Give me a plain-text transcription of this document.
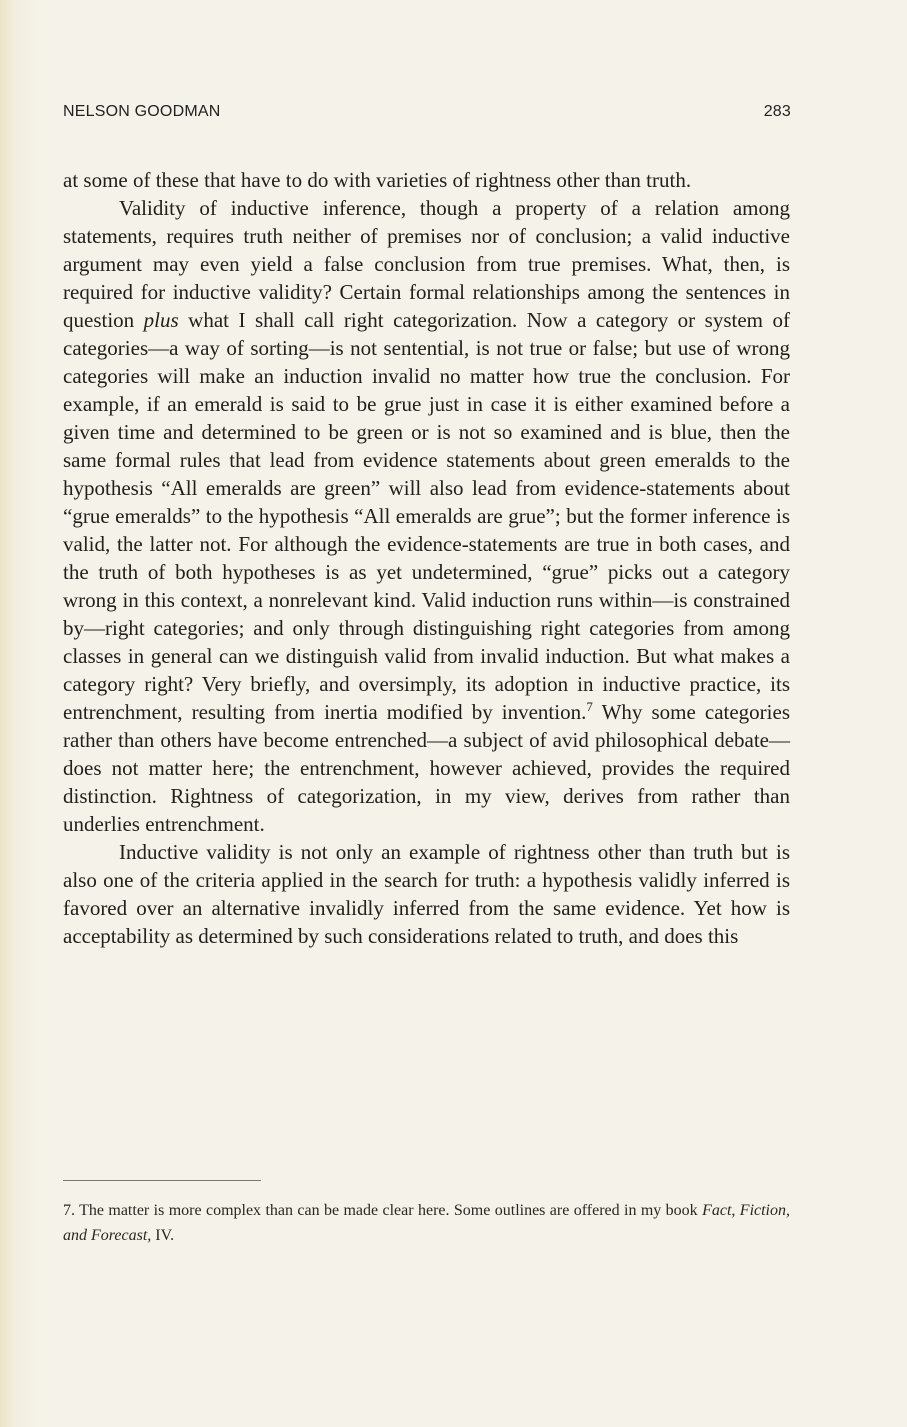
NELSON GOODMAN	283

at some of these that have to do with varieties of rightness other than truth.

Validity of inductive inference, though a property of a relation among statements, requires truth neither of premises nor of conclusion; a valid inductive argument may even yield a false conclusion from true premises. What, then, is required for inductive validity? Certain formal relationships among the sentences in question plus what I shall call right categorization. Now a category or system of categories—a way of sorting—is not sentential, is not true or false; but use of wrong categories will make an induction invalid no matter how true the conclusion. For example, if an emerald is said to be grue just in case it is either examined before a given time and determined to be green or is not so examined and is blue, then the same formal rules that lead from evidence statements about green emeralds to the hypothesis “All emeralds are green” will also lead from evidence-statements about “grue emeralds” to the hypothesis “All emeralds are grue”; but the former inference is valid, the latter not. For although the evidence-statements are true in both cases, and the truth of both hypotheses is as yet undetermined, “grue” picks out a category wrong in this context, a nonrelevant kind. Valid induction runs within—is constrained by—right categories; and only through distinguishing right categories from among classes in general can we distinguish valid from invalid induction. But what makes a category right? Very briefly, and oversimply, its adoption in inductive practice, its entrenchment, resulting from inertia modified by invention.$^7$ Why some categories rather than others have become entrenched—a subject of avid philosophical debate—does not matter here; the entrenchment, however achieved, provides the required distinction. Rightness of categorization, in my view, derives from rather than underlies entrenchment.

Inductive validity is not only an example of rightness other than truth but is also one of the criteria applied in the search for truth: a hypothesis validly inferred is favored over an alternative invalidly inferred from the same evidence. Yet how is acceptability as determined by such considerations related to truth, and does this

7. The matter is more complex than can be made clear here. Some outlines are offered in my book Fact, Fiction, and Forecast, IV.
